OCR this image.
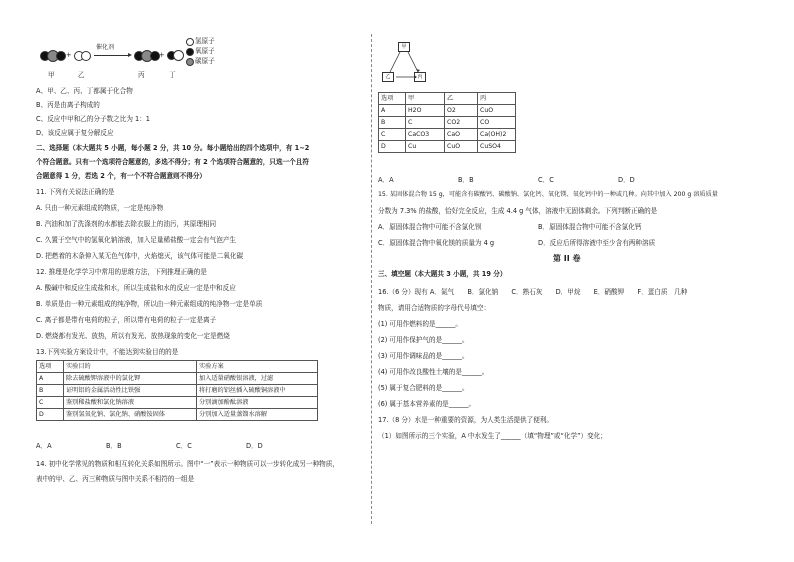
+
催化剂
+
氢原子
氧原子
碳原子
甲	乙	丙	丁
A、甲、乙、丙、丁都属于化合物
B、丙是由离子构成的
C、反应中甲和乙的分子数之比为 1：1
D、该反应属于复分解反应
二、选择题（本大题共 5 小题，每小题 2 分，共 10 分。每小题给出的四个选项中，有 1~2
个符合题意。只有一个选项符合题意的，多选不得分；有 2 个选项符合题意的，只选一个且符
合题意得 1 分，若选 2 个，有一个不符合题意则不得分）
11. 下列有关说法正确的是
A. 只由一种元素组成的物质，一定是纯净物
B. 汽油和加了洗涤剂的水都能去除衣服上的油污，其原理相同
C. 久置于空气中的氢氧化钠溶液，加入足量稀盐酸一定会有气泡产生
D. 把燃着的木条伸入某无色气体中，火焰熄灭，该气体可能是二氧化碳
12. 推理是化学学习中常用的思维方法，下列推理正确的是
A. 酸碱中和反应生成盐和水，所以生成盐和水的反应一定是中和反应
B. 单质是由一种元素组成的纯净物，所以由一种元素组成的纯净物一定是单质
C. 离子都是带有电荷的粒子，所以带有电荷的粒子一定是离子
D. 燃烧都有发光、放热，所以有发光、放热现象的变化一定是燃烧
13.下列实验方案设计中，不能达到实验目的的是
选项	实验目的	实验方案
A	除去硫酸钾溶液中的氯化钾	加入适量硝酸银溶液，过滤
B	证明铝的金属活动性比铁强	将打磨的铝丝插入硫酸铜溶液中
C	鉴别稀盐酸和氯化钠溶液	分别滴加酚酞溶液
D	鉴别氢氧化钠、氯化钠、硝酸铵固体	分别加入适量蒸馏水溶解
A．A	B．B	C．C	D．D
14. 初中化学常见的物质和相互转化关系如图所示。图中“一”表示一种物质可以一步转化成另一种物质，
表中的甲、乙、丙三种物质与图中关系不相符的一组是
甲
乙	丙
选项	甲	乙	丙
A	H2O	O2	CuO
B	C	CO2	CO
C	CaCO3	CaO	Ca(OH)2
D	Cu	CuO	CuSO4
A．A	B．B	C．C	D．D
15. 某固体混合物 15 g，可能含有碳酸钙、碳酸钠、氯化钙、氧化镁、氧化钙中的一种或几种。向其中加入 200 g 溶质质量
分数为 7.3% 的盐酸，恰好完全反应，生成 4.4 g 气体，溶液中无固体剩余。下列判断正确的是
A．原固体混合物中可能不含氯化钡	B．原固体混合物中可能不含氯化钙
C．原固体混合物中氧化镁的质量为 4 g	D．反应后所得溶液中至少含有两种溶质
第 II 卷
三、填空题（本大题共 3 小题，共 19 分）
16.（6 分）现有 A．氮气　　B．氯化钠　　C．熟石灰　　D．甲烷　　E．硝酸钾　　F．蛋白质　几种
物质，请用合适物质的字母代号填空：
(1) 可用作燃料的是______。
(2) 可用作保护气的是______。
(3) 可用作调味品的是______。
(4) 可用作改良酸性土壤的是______。
(5) 属于复合肥料的是______。
(6) 属于基本营养素的是______。
17.（8 分）水是一种重要的资源，为人类生活提供了便利。
（1）如图所示的三个实验，A 中水发生了______（填“物理”或“化学”）变化；
